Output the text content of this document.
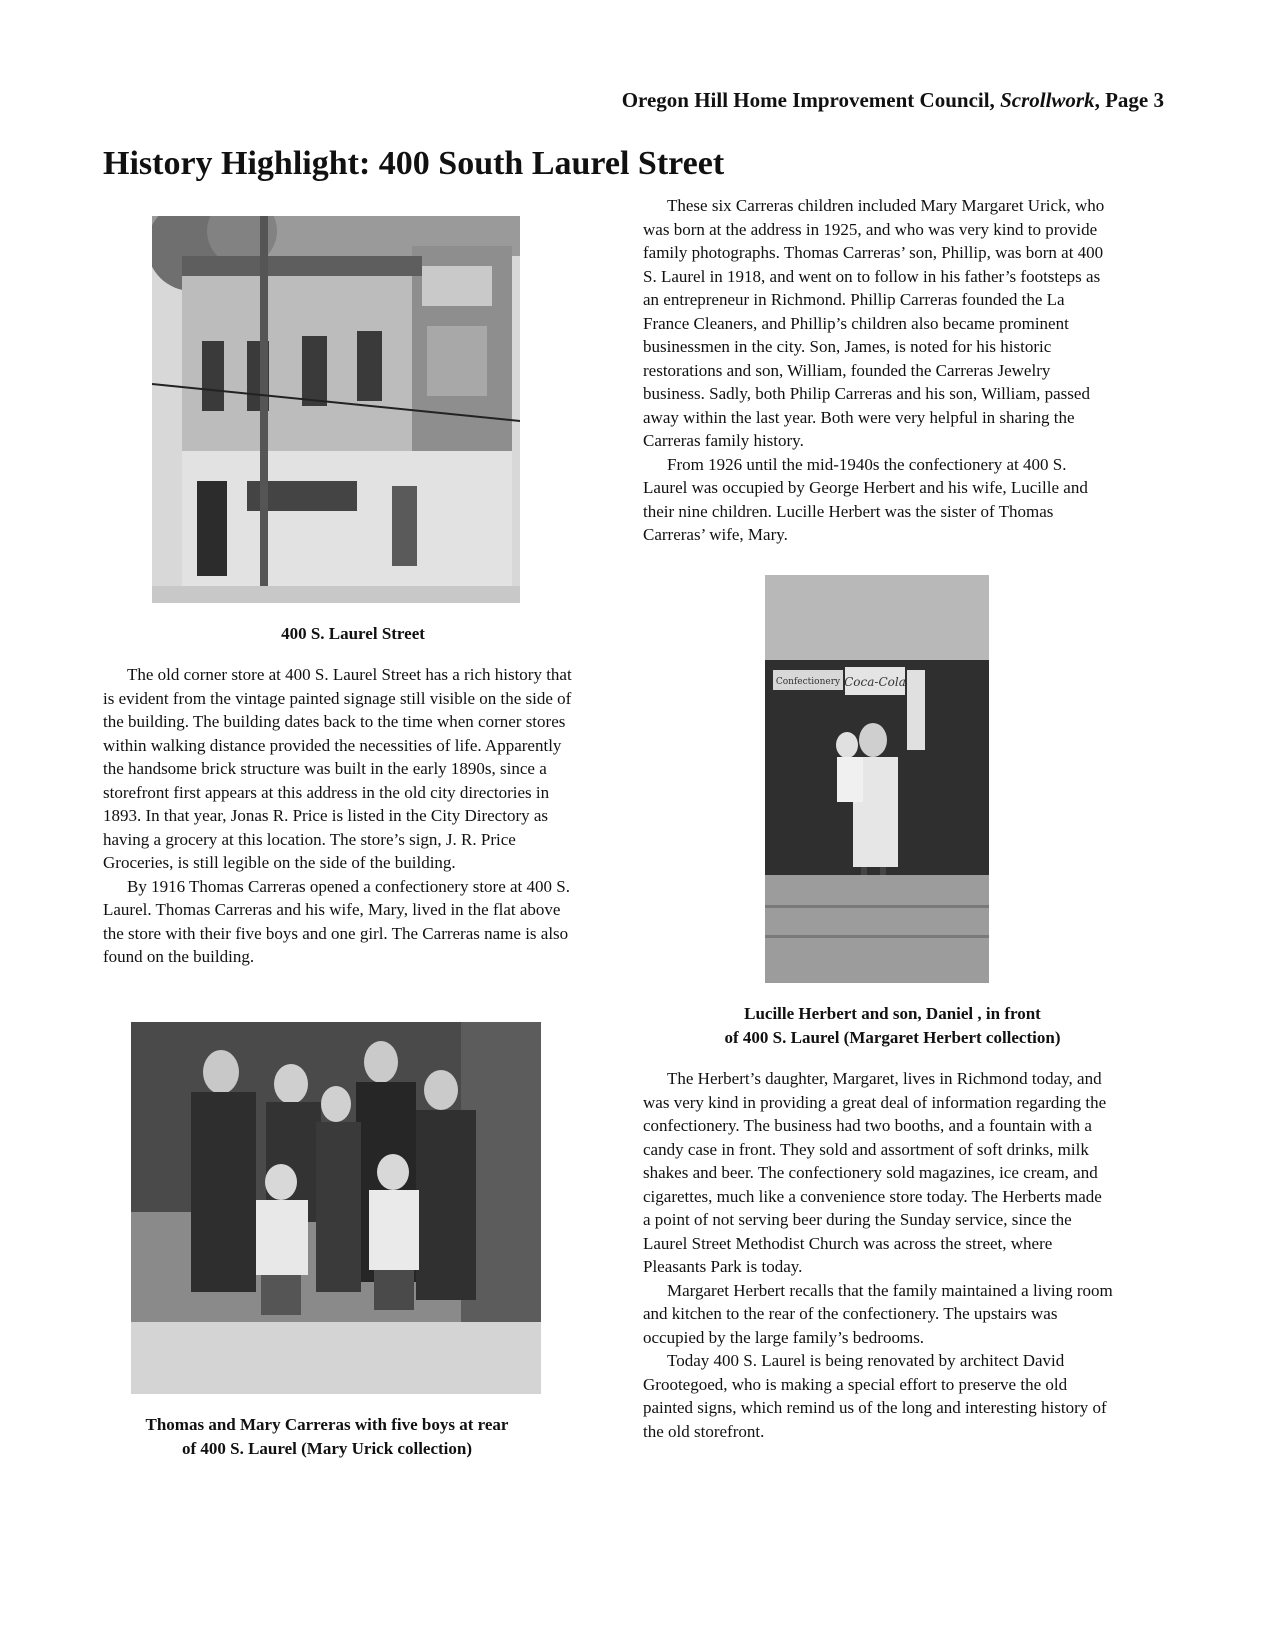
Oregon Hill Home Improvement Council, Scrollwork, Page 3
History Highlight: 400 South Laurel Street
400 S. Laurel Street

The old corner store at 400 S. Laurel Street has a rich history that is evident from the vintage painted signage still visible on the side of the building. The building dates back to the time when corner stores within walking distance provided the necessities of life. Apparently the handsome brick structure was built in the early 1890s, since a storefront first appears at this address in the old city directories in 1893. In that year, Jonas R. Price is listed in the City Directory as having a grocery at this location. The store’s sign, J. R. Price Groceries, is still legible on the side of the building.

By 1916 Thomas Carreras opened a confectionery store at 400 S. Laurel. Thomas Carreras and his wife, Mary, lived in the flat above the store with their five boys and one girl. The Carreras name is also found on the building.

Thomas and Mary Carreras with five boys at rear
of 400 S. Laurel (Mary Urick collection)

These six Carreras children included Mary Margaret Urick, who was born at the address in 1925, and who was very kind to provide family photographs. Thomas Carreras’ son, Phillip, was born at 400 S. Laurel in 1918, and went on to follow in his father’s footsteps as an entrepreneur in Richmond. Phillip Carreras founded the La France Cleaners, and Phillip’s children also became prominent businessmen in the city. Son, James, is noted for his historic restorations and son, William, founded the Carreras Jewelry business. Sadly, both Philip Carreras and his son, William, passed away within the last year. Both were very helpful in sharing the Carreras family history.

From 1926 until the mid-1940s the confectionery at 400 S. Laurel was occupied by George Herbert and his wife, Lucille and their nine children. Lucille Herbert was the sister of Thomas Carreras’ wife, Mary.

Confectionery Coca-Cola
Lucille Herbert and son, Daniel , in front
of 400 S. Laurel (Margaret Herbert collection)

The Herbert’s daughter, Margaret, lives in Richmond today, and was very kind in providing a great deal of information regarding the confectionery. The business had two booths, and a fountain with a candy case in front. They sold and assortment of soft drinks, milk shakes and beer. The confectionery sold magazines, ice cream, and cigarettes, much like a convenience store today. The Herberts made a point of not serving beer during the Sunday service, since the Laurel Street Methodist Church was across the street, where Pleasants Park is today.

Margaret Herbert recalls that the family maintained a living room and kitchen to the rear of the confectionery. The upstairs was occupied by the large family’s bedrooms.

Today 400 S. Laurel is being renovated by architect David Grootegoed, who is making a special effort to preserve the old painted signs, which remind us of the long and interesting history of the old storefront.
